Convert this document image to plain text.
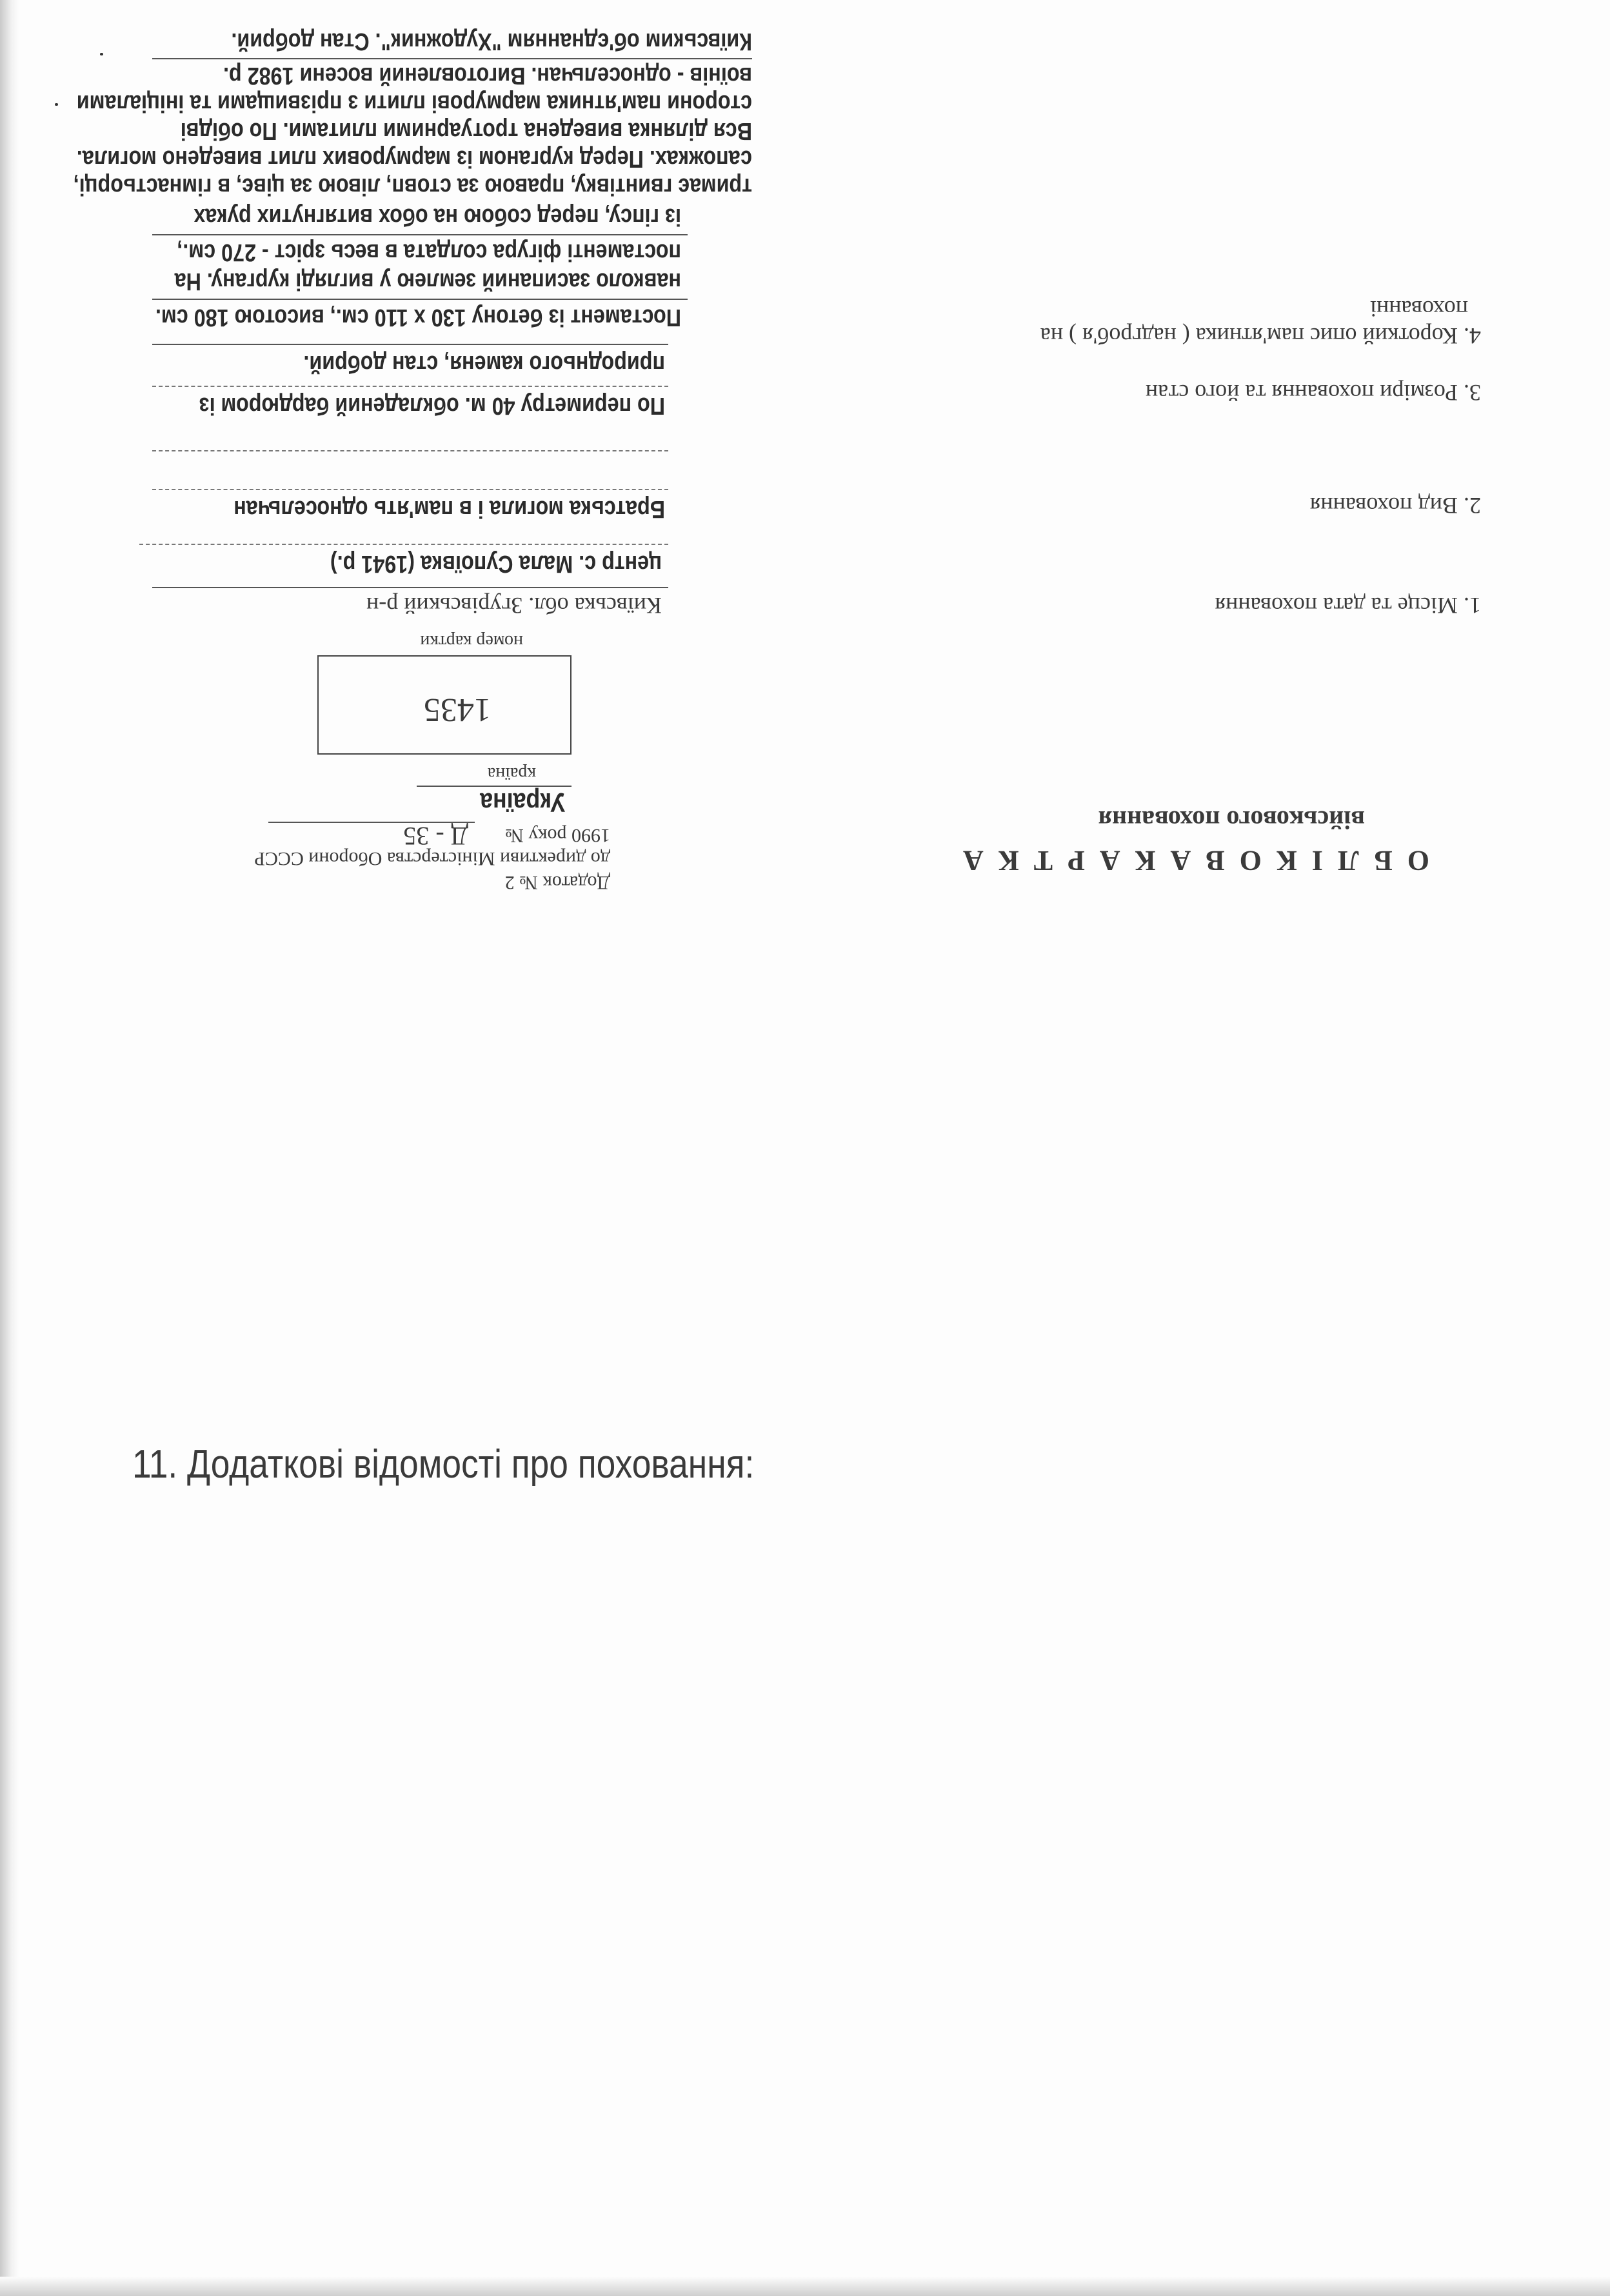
О Б Л І К О В А К А Р Т К А
військового поховання
Додаток № 2
до директиви Міністерства Оборони СССР
1990 року №
Д - 35
Україна
країна
1435
номер картки
1. Місце та дата поховання
Київська обл. Згурівський р-н
центр с. Мала Супоївка (1941 р.)
2. Вид поховання
Братська могила і в пам'ять односельчан
3. Розміри поховання та його стан
По периметру 40 м. обкладений бардюром із
природнього каменя, стан добрий.
4. Короткий опис пам'ятника ( надгроб'я ) на
похованні
Постамент із бетону 130 х 110 см., висотою 180 см.
навколо засипаний землею у вигляді кургану. На
постаменті фігура солдата в весь зріст - 270 см.,
із гіпсу, перед собою на обох витягнутих руках
тримає гвинтівку, правою за стовп, лівою за цівє, в гімнастьорці,
сапожках. Перед курганом із мармурових плит виведено могила.
Вся ділянка виведена тротуарними плитами. По обідві
сторони пам'ятника мармурові плити з прізвищами та ініціалами
воїнів - односельчан. Виготовлений восени 1982 р.
Київським об'єднанням "Художник". Стан добрий.
11. Додаткові відомості про поховання:
